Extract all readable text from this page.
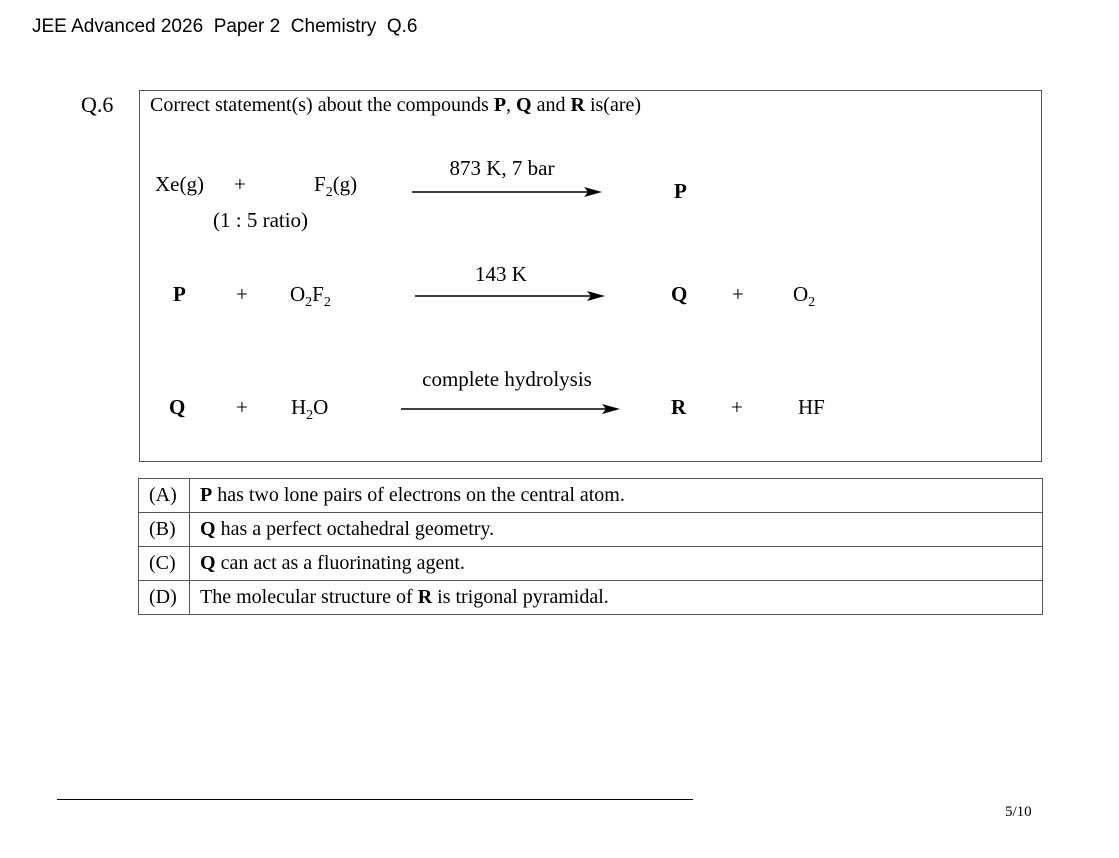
JEE Advanced 2026  Paper 2  Chemistry  Q.6
Q.6 Correct statement(s) about the compounds P, Q and R is(are)
Xe(g) +	$F_2(g)$
(1 : 5 ratio)
873 K, 7 bar
P
$P + O_2F_2$
143 K
$Q + O_2$
$Q + H_2O$
complete hydrolysis
R +	HF
(A)	P has two lone pairs of electrons on the central atom.
(B)	Q has a perfect octahedral geometry.
(C)	Q can act as a fluorinating agent.
(D)	The molecular structure of R is trigonal pyramidal.
5/10
